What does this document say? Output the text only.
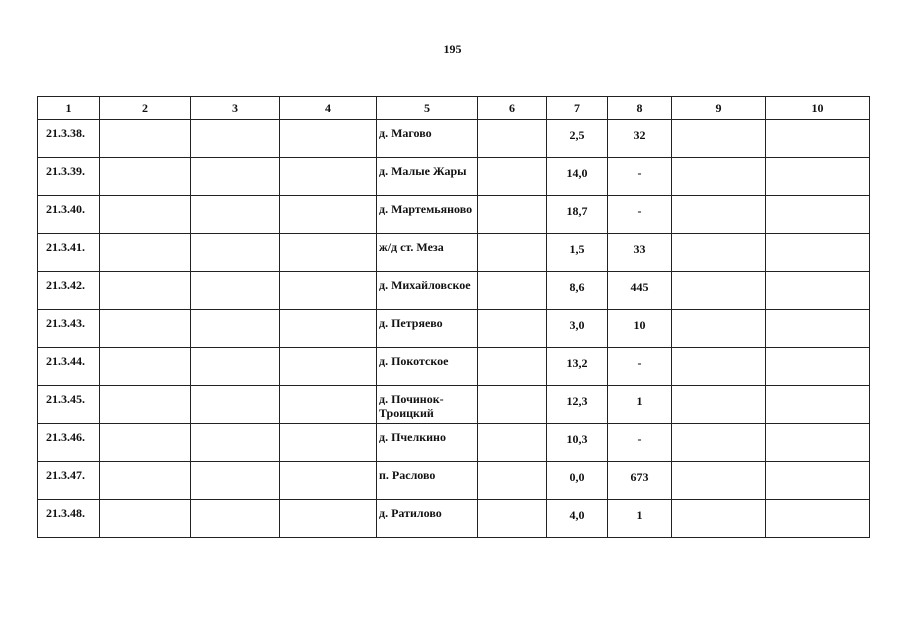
195
1	2	3	4	5	6	7	8	9	10

21.3.38.				д. Магово		2,5	32		

21.3.39.				д. Малые Жары		14,0	-		

21.3.40.				д. Мартемьяново		18,7	-		

21.3.41.				ж/д ст. Меза		1,5	33		

21.3.42.				д. Михайловское		8,6	445		

21.3.43.				д. Петряево		3,0	10		

21.3.44.				д. Покотское		13,2	-		

21.3.45.				д. Починок-Троицкий		12,3	1		

21.3.46.				д. Пчелкино		10,3	-		

21.3.47.				п. Раслово		0,0	673		

21.3.48.				д. Ратилово		4,0	1		
